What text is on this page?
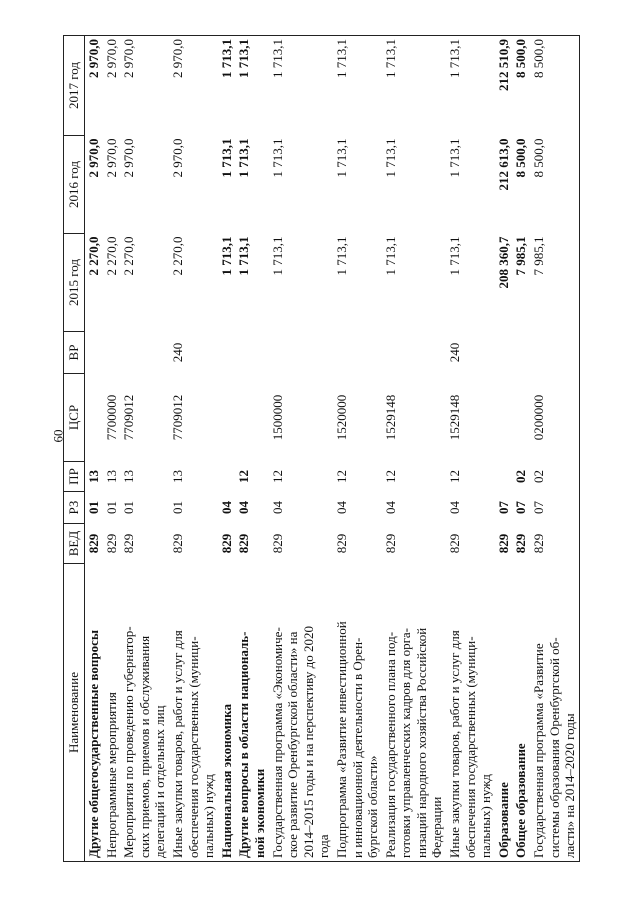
60
Наименование	ВЕД	РЗ	ПР	ЦСР	ВР	2015 год	2016 год	2017 год
Другие общегосударственные вопросы	829	01	13			2 270,0	2 970,0	2 970,0
Непрограммные мероприятия	829	01	13	7700000		2 270,0	2 970,0	2 970,0
Мероприятия по проведению губернатор-
ских приемов, приемов и обслуживания
делегаций и отдельных лиц	829	01	13	7709012		2 270,0	2 970,0	2 970,0
Иные закупки товаров, работ и услуг для
обеспечения государственных (муници-
пальных) нужд	829	01	13	7709012	240	2 270,0	2 970,0	2 970,0
Национальная экономика	829	04				1 713,1	1 713,1	1 713,1
Другие вопросы в области националь-
ной экономики	829	04	12			1 713,1	1 713,1	1 713,1
Государственная программа «Экономиче-
ское развитие Оренбургской области» на
2014–2015 годы и на перспективу до 2020
года	829	04	12	1500000		1 713,1	1 713,1	1 713,1
Подпрограмма «Развитие инвестиционной
и инновационной деятельности в Орен-
бургской области»	829	04	12	1520000		1 713,1	1 713,1	1 713,1
Реализация государственного плана под-
готовки управленческих кадров для орга-
низаций народного хозяйства Российской
Федерации	829	04	12	1529148		1 713,1	1 713,1	1 713,1
Иные закупки товаров, работ и услуг для
обеспечения государственных (муници-
пальных) нужд	829	04	12	1529148	240	1 713,1	1 713,1	1 713,1
Образование	829	07				208 360,7	212 613,0	212 510,9
Общее образование	829	07	02			7 985,1	8 500,0	8 500,0
Государственная программа «Развитие
системы образования Оренбургской об-
ласти» на 2014–2020 годы	829	07	02	0200000		7 985,1	8 500,0	8 500,0
